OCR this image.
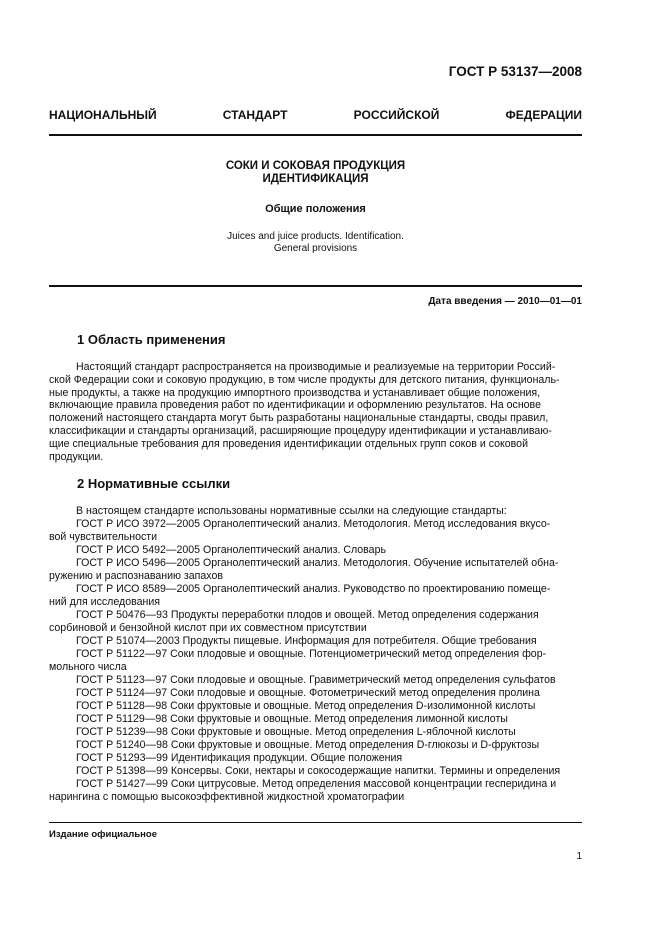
ГОСТ Р 53137—2008
НАЦИОНАЛЬНЫЙ	СТАНДАРТ	РОССИЙСКОЙ	ФЕДЕРАЦИИ
СОКИ И СОКОВАЯ ПРОДУКЦИЯ
ИДЕНТИФИКАЦИЯ
Общие положения
Juices and juice products. Identification.
General provisions
Дата введения — 2010—01—01
1 Область применения
Настоящий стандарт распространяется на производимые и реализуемые на территории Россий-
ской Федерации соки и соковую продукцию, в том числе продукты для детского питания, функциональ-
ные продукты, а также на продукцию импортного производства и устанавливает общие положения,
включающие правила проведения работ по идентификации и оформлению результатов. На основе
положений настоящего стандарта могут быть разработаны национальные стандарты, своды правил,
классификации и стандарты организаций, расширяющие процедуру идентификации и устанавливаю-
щие специальные требования для проведения идентификации отдельных групп соков и соковой
продукции.
2 Нормативные ссылки
В настоящем стандарте использованы нормативные ссылки на следующие стандарты:
ГОСТ Р ИСО 3972—2005 Органолептический анализ. Методология. Метод исследования вкусо-
вой чувствительности
ГОСТ Р ИСО 5492—2005 Органолептический анализ. Словарь
ГОСТ Р ИСО 5496—2005 Органолептический анализ. Методология. Обучение испытателей обна-
ружению и распознаванию запахов
ГОСТ Р ИСО 8589—2005 Органолептический анализ. Руководство по проектированию помеще-
ний для исследования
ГОСТ Р 50476—93 Продукты переработки плодов и овощей. Метод определения содержания
сорбиновой и бензойной кислот при их совместном присутствии
ГОСТ Р 51074—2003 Продукты пищевые. Информация для потребителя. Общие требования
ГОСТ Р 51122—97 Соки плодовые и овощные. Потенциометрический метод определения фор-
мольного числа
ГОСТ Р 51123—97 Соки плодовые и овощные. Гравиметрический метод определения сульфатов
ГОСТ Р 51124—97 Соки плодовые и овощные. Фотометрический метод определения пролина
ГОСТ Р 51128—98 Соки фруктовые и овощные. Метод определения D-изолимонной кислоты
ГОСТ Р 51129—98 Соки фруктовые и овощные. Метод определения лимонной кислоты
ГОСТ Р 51239—98 Соки фруктовые и овощные. Метод определения L-яблочной кислоты
ГОСТ Р 51240—98 Соки фруктовые и овощные. Метод определения D-глюкозы и D-фруктозы
ГОСТ Р 51293—99 Идентификация продукции. Общие положения
ГОСТ Р 51398—99 Консервы. Соки, нектары и сокосодержащие напитки. Термины и определения
ГОСТ Р 51427—99 Соки цитрусовые. Метод определения массовой концентрации гесперидина и
нарингина с помощью высокоэффективной жидкостной хроматографии
Издание официальное
1
